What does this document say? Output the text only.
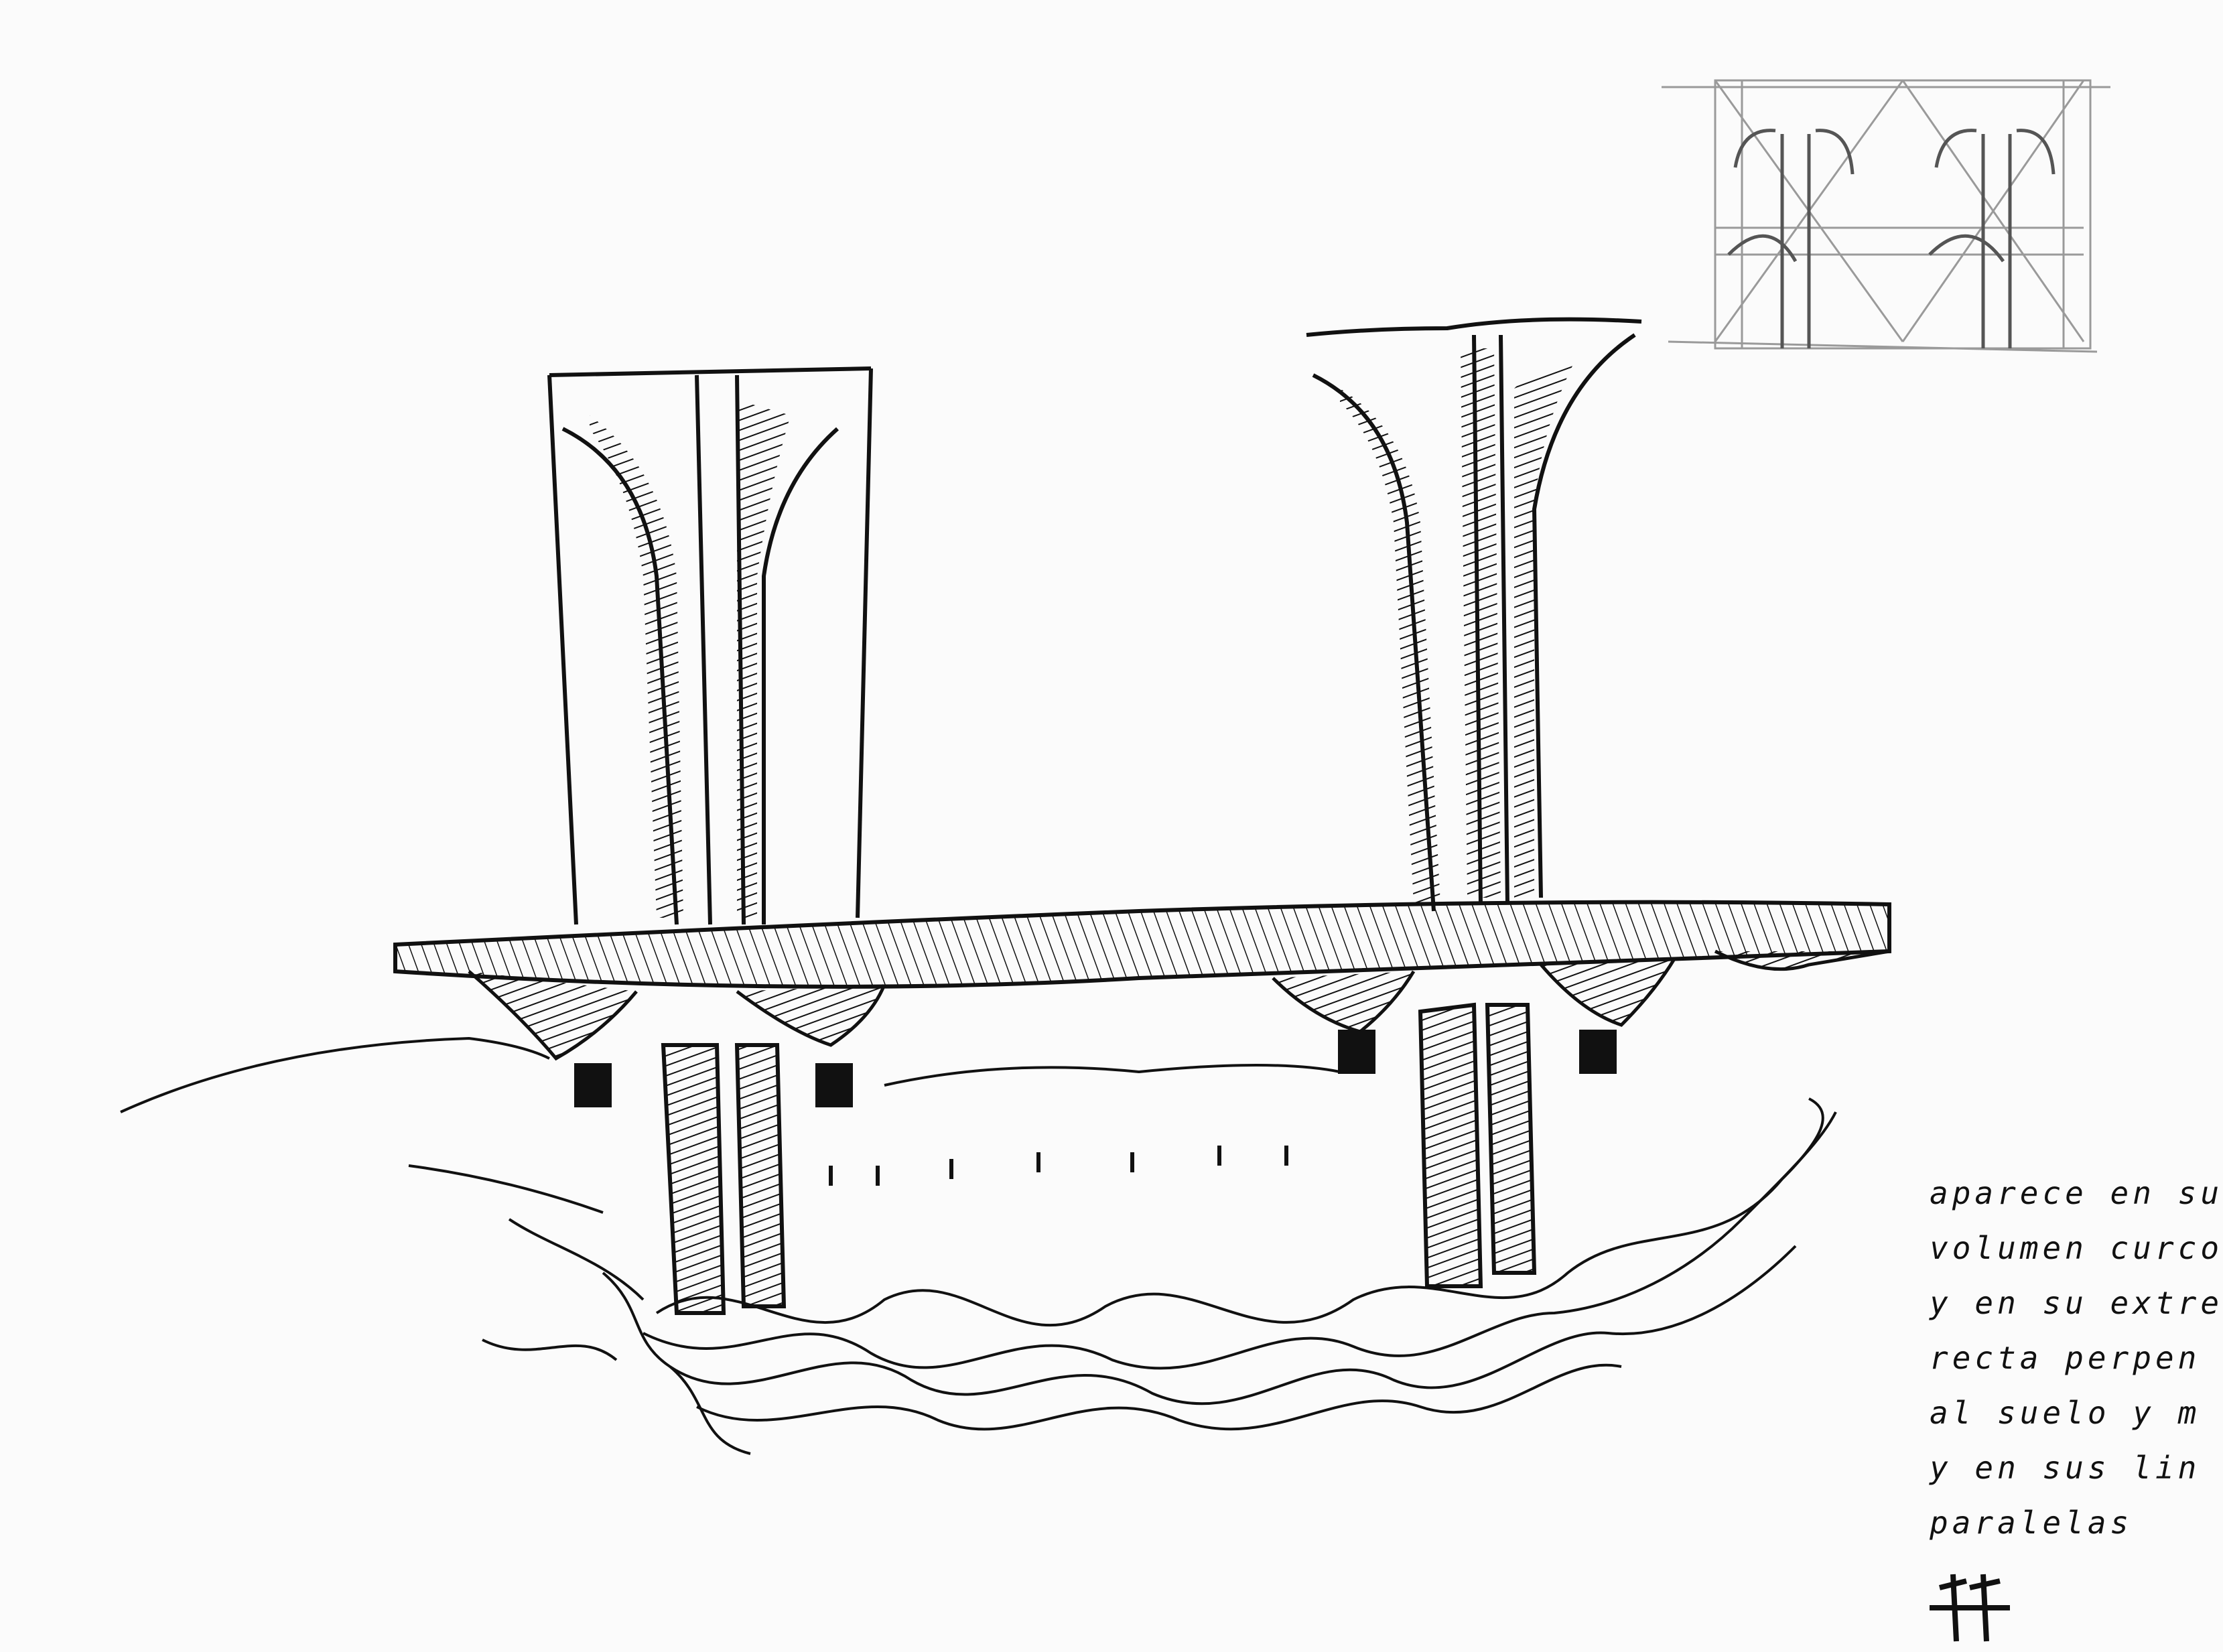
aparece en su
volumen curco
y en su extre
recta perpen
al suelo y m
y en sus lin
paralelas
